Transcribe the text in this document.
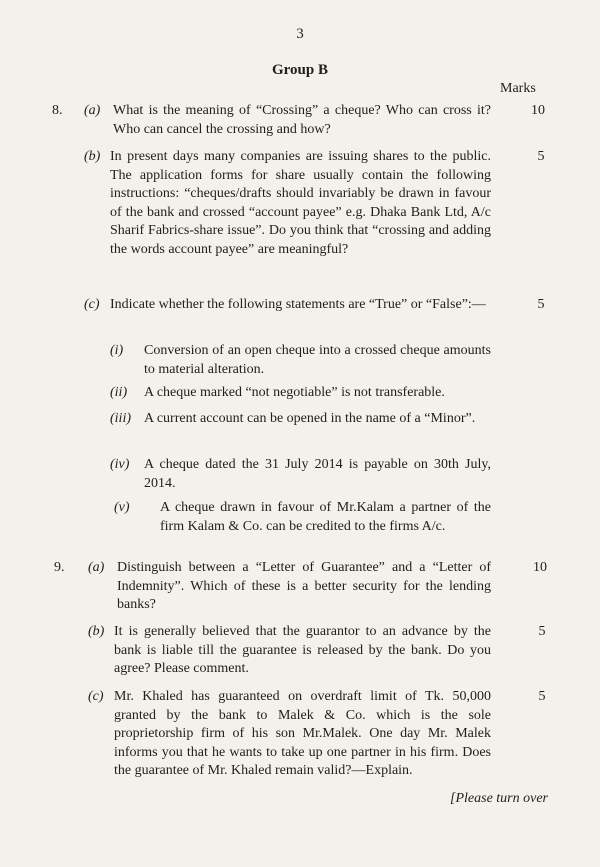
3
Group B
Marks
8. (a) What is the meaning of “Crossing” a cheque? Who can cross it? Who can cancel the crossing and how?
10
(b) In present days many companies are issuing shares to the public. The application forms for share usually contain the following instructions: “cheques/drafts should invariably be drawn in favour of the bank and crossed “account payee” e.g. Dhaka Bank Ltd, A/c Sharif Fabrics-share issue”. Do you think that “crossing and adding the words account payee” are meaningful?
5
(c) Indicate whether the following statements are “True” or “False”:—	5
(i) Conversion of an open cheque into a crossed cheque amounts to material alteration.
(ii) A cheque marked “not negotiable” is not transferable.
(iii) A current account can be opened in the name of a “Minor”.
(iv) A cheque dated the 31 July 2014 is payable on 30th July, 2014.
(v) A cheque drawn in favour of Mr.Kalam a partner of the firm Kalam & Co. can be credited to the firms A/c.
9. (a) Distinguish between a “Letter of Guarantee” and a “Letter of Indemnity”. Which of these is a better security for the lending banks?
10
(b) It is generally believed that the guarantor to an advance by the bank is liable till the guarantee is released by the bank. Do you agree? Please comment.
5
(c) Mr. Khaled has guaranteed on overdraft limit of Tk. 50,000 granted by the bank to Malek & Co. which is the sole proprietorship firm of his son Mr.Malek. One day Mr. Malek informs you that he wants to take up one partner in his firm. Does the guarantee of Mr. Khaled remain valid?—Explain.
5
[Please turn over
